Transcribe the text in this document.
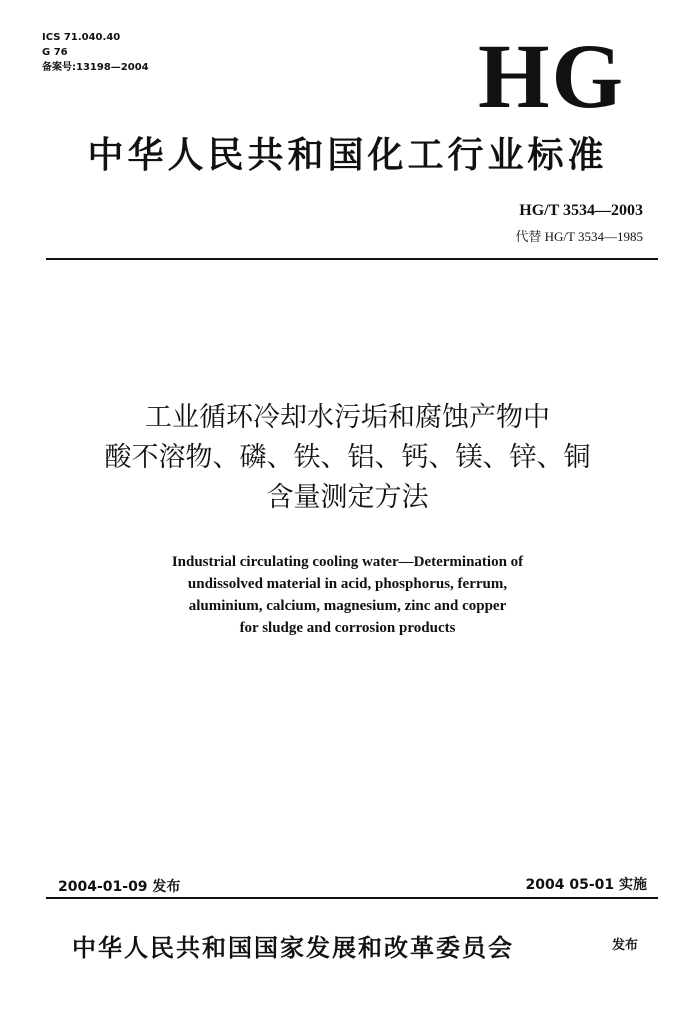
ICS 71.040.40
G 76
备案号:13198—2004	HG
中华人民共和国化工行业标准
HG/T 3534—2003
代替 HG/T 3534—1985
工业循环冷却水污垢和腐蚀产物中
酸不溶物、磷、铁、铝、钙、镁、锌、铜
含量测定方法
Industrial circulating cooling water—Determination of
undissolved material in acid, phosphorus, ferrum,
aluminium, calcium, magnesium, zinc and copper
for sludge and corrosion products
2004-01-09 发布	2004 05-01 实施
中华人民共和国国家发展和改革委员会	发布
